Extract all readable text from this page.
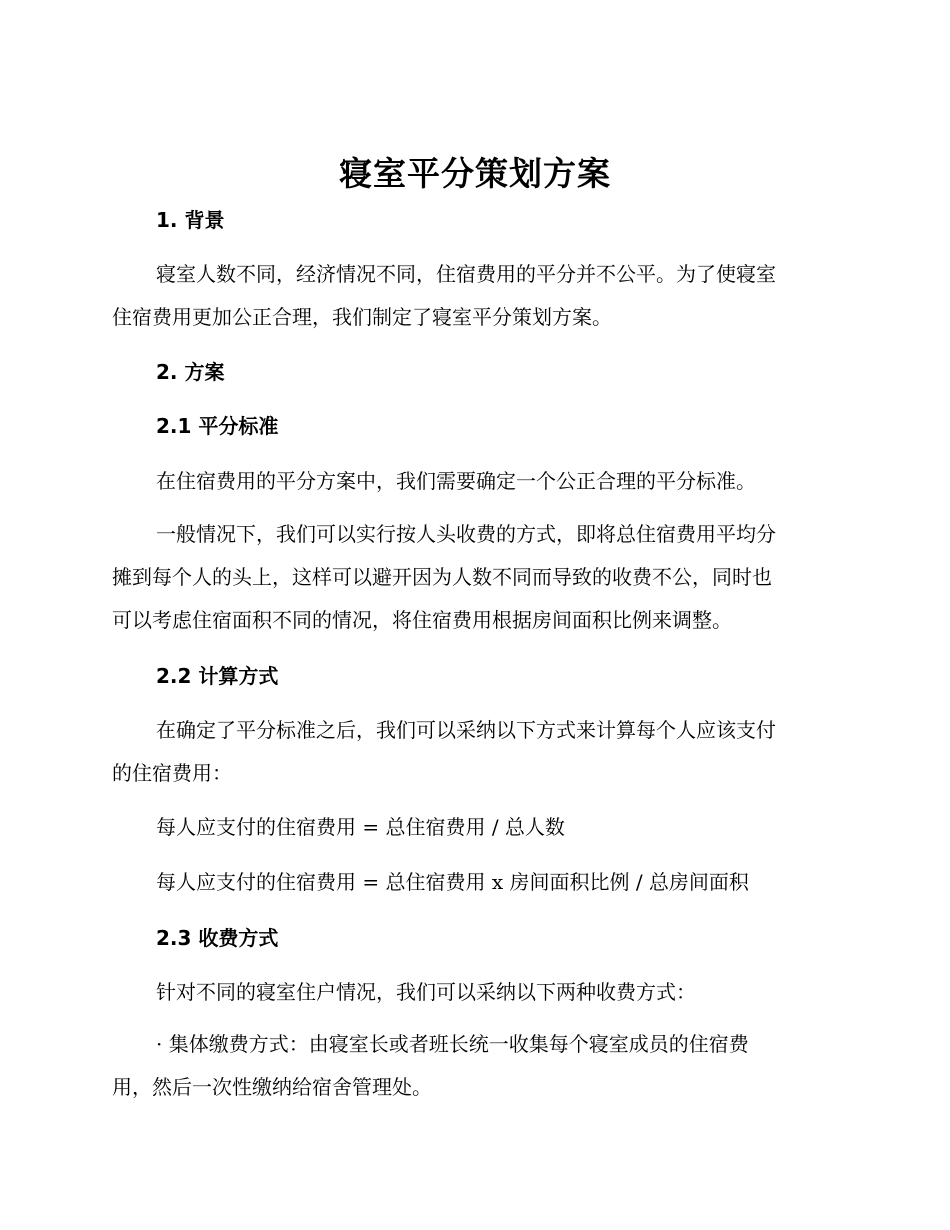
寝室平分策划方案
1. 背景
寝室人数不同，经济情况不同，住宿费用的平分并不公平。为了使寝室
住宿费用更加公正合理，我们制定了寝室平分策划方案。
2. 方案
2.1 平分标准
在住宿费用的平分方案中，我们需要确定一个公正合理的平分标准。
一般情况下，我们可以实行按人头收费的方式，即将总住宿费用平均分
摊到每个人的头上，这样可以避开因为人数不同而导致的收费不公，同时也
可以考虑住宿面积不同的情况，将住宿费用根据房间面积比例来调整。
2.2 计算方式
在确定了平分标准之后，我们可以采纳以下方式来计算每个人应该支付
的住宿费用：
每人应支付的住宿费用 = 总住宿费用 / 总人数
每人应支付的住宿费用 = 总住宿费用 x 房间面积比例 / 总房间面积
2.3 收费方式
针对不同的寝室住户情况，我们可以采纳以下两种收费方式：
· 集体缴费方式：由寝室长或者班长统一收集每个寝室成员的住宿费
用，然后一次性缴纳给宿舍管理处。
